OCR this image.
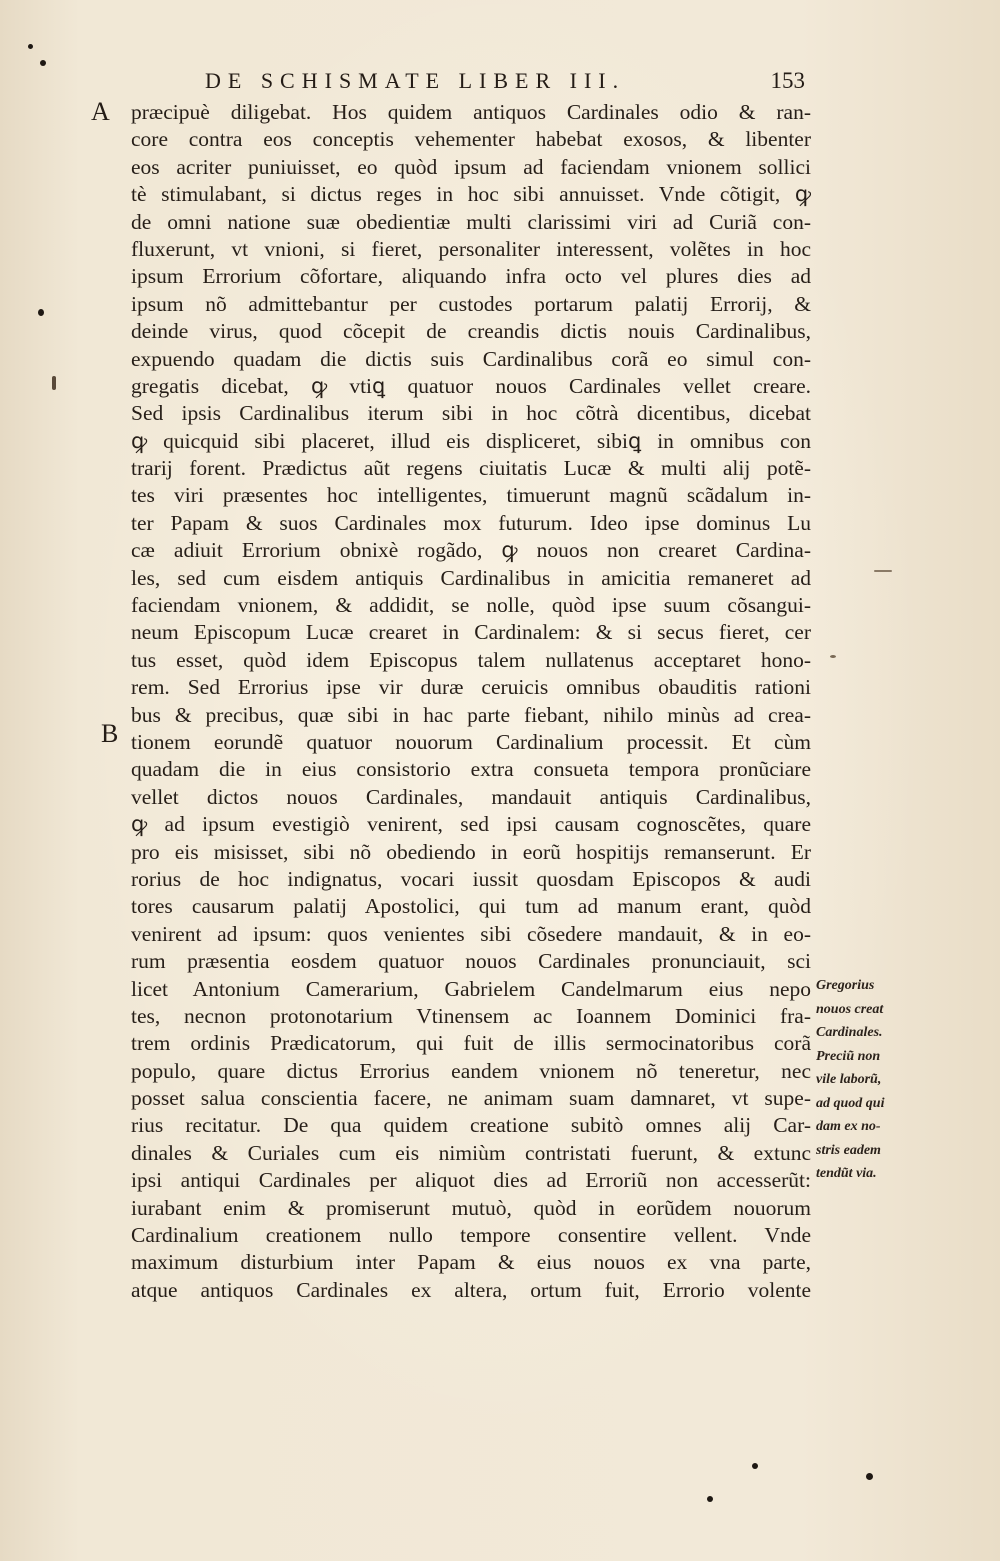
DE SCHISMATE LIBER III.	153
A
B
præcipuè diligebat. Hos quidem antiquos Cardinales odio & ran-
core contra eos conceptis vehementer habebat exosos, & libenter
eos acriter puniuisset, eo quòd ipsum ad faciendam vnionem sollici
tè stimulabant, si dictus reges in hoc sibi annuisset. Vnde cõtigit, ꝙ
de omni natione suæ obedientiæ multi clarissimi viri ad Curiã con-
fluxerunt, vt vnioni, si fieret, personaliter interessent, volẽtes in hoc
ipsum Errorium cõfortare, aliquando infra octo vel plures dies ad
ipsum nõ admittebantur per custodes portarum palatij Errorij, &
deinde virus, quod cõcepit de creandis dictis nouis Cardinalibus,
expuendo quadam die dictis suis Cardinalibus corã eo simul con-
gregatis dicebat, ꝙ vtiꝗ quatuor nouos Cardinales vellet creare.
Sed ipsis Cardinalibus iterum sibi in hoc cõtrà dicentibus, dicebat
ꝙ quicquid sibi placeret, illud eis displiceret, sibiꝗ in omnibus con
trarij forent. Prædictus aũt regens ciuitatis Lucæ & multi alij potẽ-
tes viri præsentes hoc intelligentes, timuerunt magnũ scãdalum in-
ter Papam & suos Cardinales mox futurum. Ideo ipse dominus Lu
cæ adiuit Errorium obnixè rogãdo, ꝙ nouos non crearet Cardina-
les, sed cum eisdem antiquis Cardinalibus in amicitia remaneret ad
faciendam vnionem, & addidit, se nolle, quòd ipse suum cõsangui-
neum Episcopum Lucæ crearet in Cardinalem: & si secus fieret, cer
tus esset, quòd idem Episcopus talem nullatenus acceptaret hono-
rem. Sed Errorius ipse vir duræ ceruicis omnibus obauditis rationi
bus & precibus, quæ sibi in hac parte fiebant, nihilo minùs ad crea-
tionem eorundẽ quatuor nouorum Cardinalium processit. Et cùm
quadam die in eius consistorio extra consueta tempora pronũciare
vellet dictos nouos Cardinales, mandauit antiquis Cardinalibus,
ꝙ ad ipsum evestigiò venirent, sed ipsi causam cognoscẽtes, quare
pro eis misisset, sibi nõ obediendo in eorũ hospitijs remanserunt. Er
rorius de hoc indignatus, vocari iussit quosdam Episcopos & audi
tores causarum palatij Apostolici, qui tum ad manum erant, quòd
venirent ad ipsum: quos venientes sibi cõsedere mandauit, & in eo-
rum præsentia eosdem quatuor nouos Cardinales pronunciauit, sci
licet Antonium Camerarium, Gabrielem Candelmarum eius nepo
tes, necnon protonotarium Vtinensem ac Ioannem Dominici fra-
trem ordinis Prædicatorum, qui fuit de illis sermocinatoribus corã
populo, quare dictus Errorius eandem vnionem nõ teneretur, nec
posset salua conscientia facere, ne animam suam damnaret, vt supe-
rius recitatur. De qua quidem creatione subitò omnes alij Car-
dinales & Curiales cum eis nimiùm contristati fuerunt, & extunc
ipsi antiqui Cardinales per aliquot dies ad Erroriũ non accesserũt:
iurabant enim & promiserunt mutuò, quòd in eorũdem nouorum
Cardinalium creationem nullo tempore consentire vellent. Vnde
maximum disturbium inter Papam & eius nouos ex vna parte,
atque antiquos Cardinales ex altera, ortum fuit, Errorio volente
Gregorius
nouos creat
Cardinales.
Preciũ non
vile laborũ,
ad quod qui
dam ex no-
stris eadem
tendũt via.
